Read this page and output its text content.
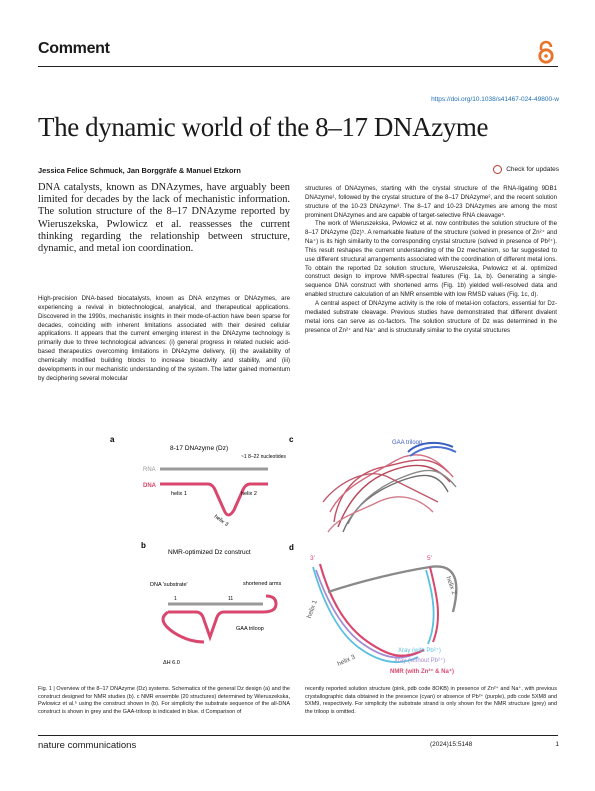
Comment
https://doi.org/10.1038/s41467-024-49800-w
The dynamic world of the 8–17 DNAzyme
Jessica Felice Schmuck, Jan Borggräfe & Manuel Etzkorn	Check for updates
DNA catalysts, known as DNAzymes, have arguably been limited for decades by the lack of mechanistic information. The solution structure of the 8–17 DNAzyme reported by Wieruszekska, Pwlowicz et al. reassesses the current thinking regarding the relationship between structure, dynamic, and metal ion coordination.

High-precision DNA-based biocatalysts, known as DNA enzymes or DNAzymes, are experiencing a revival in biotechnological, analytical, and therapeutical applications. Discovered in the 1990s, mechanistic insights in their mode-of-action have been sparse for decades, coinciding with inherent limitations associated with their desired cellular applications. It appears that the current emerging interest in the DNAzyme technology is primarily due to three technological advances: (i) general progress in related nucleic acid-based therapeutics overcoming limitations in DNAzyme delivery, (ii) the availability of chemically modified building blocks to increase bioactivity and stability, and (iii) developments in our mechanistic understanding of the system. The latter gained momentum by deciphering several molecular

structures of DNAzymes, starting with the crystal structure of the RNA-ligating 9DB1 DNAzyme¹, followed by the crystal structure of the 8–17 DNAzyme², and the recent solution structure of the 10-23 DNAzyme³. The 8–17 and 10-23 DNAzymes are among the most prominent DNAzymes and are capable of target-selective RNA cleavage⁴.

The work of Wieruszekska, Pwlowicz et al. now contributes the solution structure of the 8–17 DNAzyme (Dz)⁵. A remarkable feature of the structure (solved in presence of Zn²⁺ and Na⁺) is its high similarity to the corresponding crystal structure (solved in presence of Pb²⁺). This result reshapes the current understanding of the Dz mechanism, so far suggested to use different structural arrangements associated with the coordination of different metal ions. To obtain the reported Dz solution structure, Wieruszekska, Pwlowicz et al. optimized construct design to improve NMR-spectral features (Fig. 1a, b). Generating a single-sequence DNA construct with shortened arms (Fig. 1b) yielded well-resolved data and enabled structure calculation of an NMR ensemble with low RMSD values (Fig. 1c, d).

A central aspect of DNAzyme activity is the role of metal-ion cofactors, essential for Dz-mediated substrate cleavage. Previous studies have demonstrated that different divalent metal ions can serve as co-factors. The solution structure of Dz was determined in the presence of Zn²⁺ and Na⁺ and is structurally similar to the crystal structures

a
8-17 DNAzyme (Dz)
~1 8–22 nucleotides
RNA
DNA
helix 1	helix 2
helix 3
b
NMR-optimized Dz construct
DNA 'substrate'	shortened arms
1	11
GAA triloop
ΔH 6.0
c	GAA triloop
d
3'	5'
helix 1
helix 2
helix 3
Xray (with Pb²⁺)
Xray (without Pb²⁺)
NMR (with Zn²⁺ & Na⁺)
Fig. 1 | Overview of the 8–17 DNAzyme (Dz) systems. Schematics of the general Dz design (a) and the construct designed for NMR studies (b). c NMR ensemble (20 structures) determined by Wieruszekska, Pwlowicz et al.⁵ using the construct shown in (b). For simplicity the substrate sequence of the all-DNA construct is shown in grey and the GAA-triloop is indicated in blue. d Comparison of
recently reported solution structure (pink, pdb code 8OKB) in presence of Zn²⁺ and Na⁺, with previous crystallographic data obtained in the presence (cyan) or absence of Pb²⁺ (purple), pdb code 5XM8 and 5XM9, respectively. For simplicity the substrate strand is only shown for the NMR structure (grey) and the triloop is omitted.
nature communications	(2024)15:5148	1
